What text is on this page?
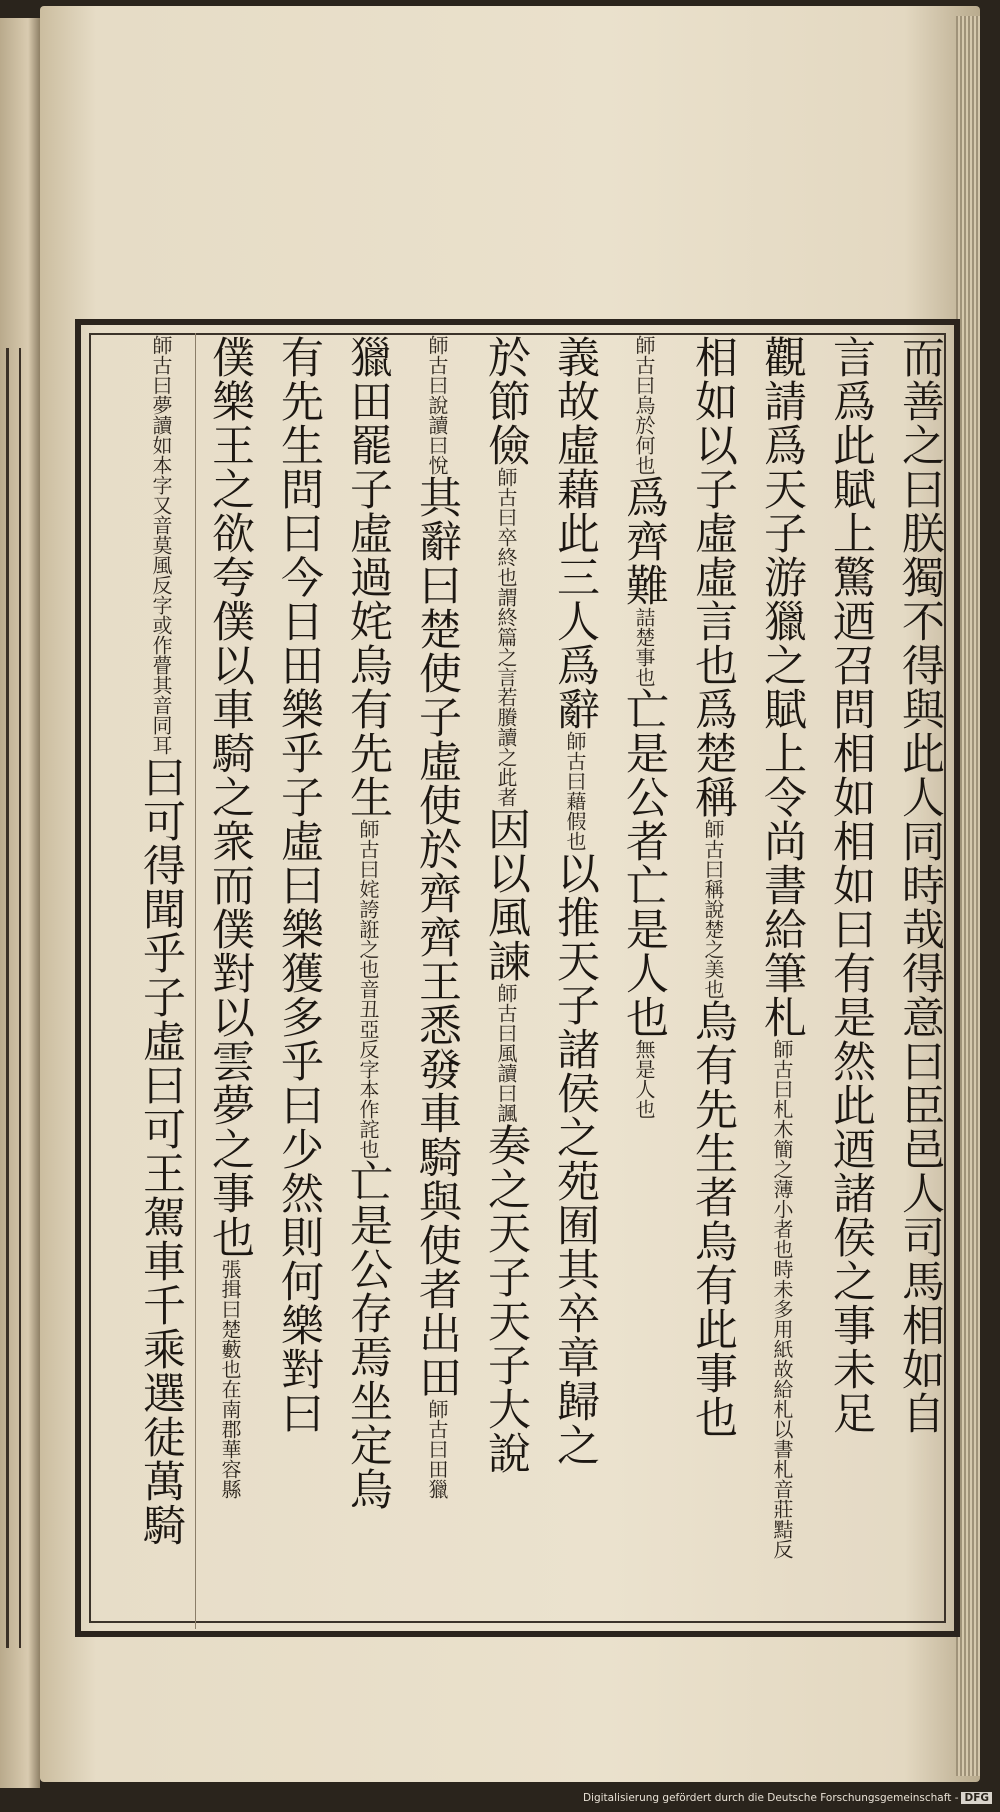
而善之曰朕獨不得與此人同時哉得意曰臣邑人司馬相如自
言爲此賦上驚迺召問相如相如曰有是然此迺諸侯之事未足
觀請爲天子游獵之賦上令尚書給筆札師古曰札木簡之薄小者也時未多用紙故給札以書札音莊黠反
相如以子虛虛言也爲楚稱師古曰稱說楚之美也烏有先生者烏有此事也
師古曰烏於何也爲齊難詰楚事也亡是公者亡是人也無是人也
義故虛藉此三人爲辭師古曰藉假也以推天子諸侯之苑囿其卒章歸之
於節儉師古曰卒終也謂終篇之言若賸讀之此者因以風諫師古曰風讀曰諷奏之天子天子大說
師古曰說讀曰悅其辭曰楚使子虛使於齊齊王悉發車騎與使者出田師古曰田獵
獵田罷子虛過姹烏有先生師古曰姹誇誑之也音丑亞反字本作詫也亡是公存焉坐定烏
有先生問曰今日田樂乎子虛曰樂獲多乎曰少然則何樂對曰
僕樂王之欲夸僕以車騎之衆而僕對以雲夢之事也張揖曰楚藪也在南郡華容縣
師古曰夢讀如本字又音莫風反字或作瞢其音同耳曰可得聞乎子虛曰可王駕車千乘選徒萬騎
Digitalisierung gefördert durch die Deutsche Forschungsgemeinschaft - DFG
